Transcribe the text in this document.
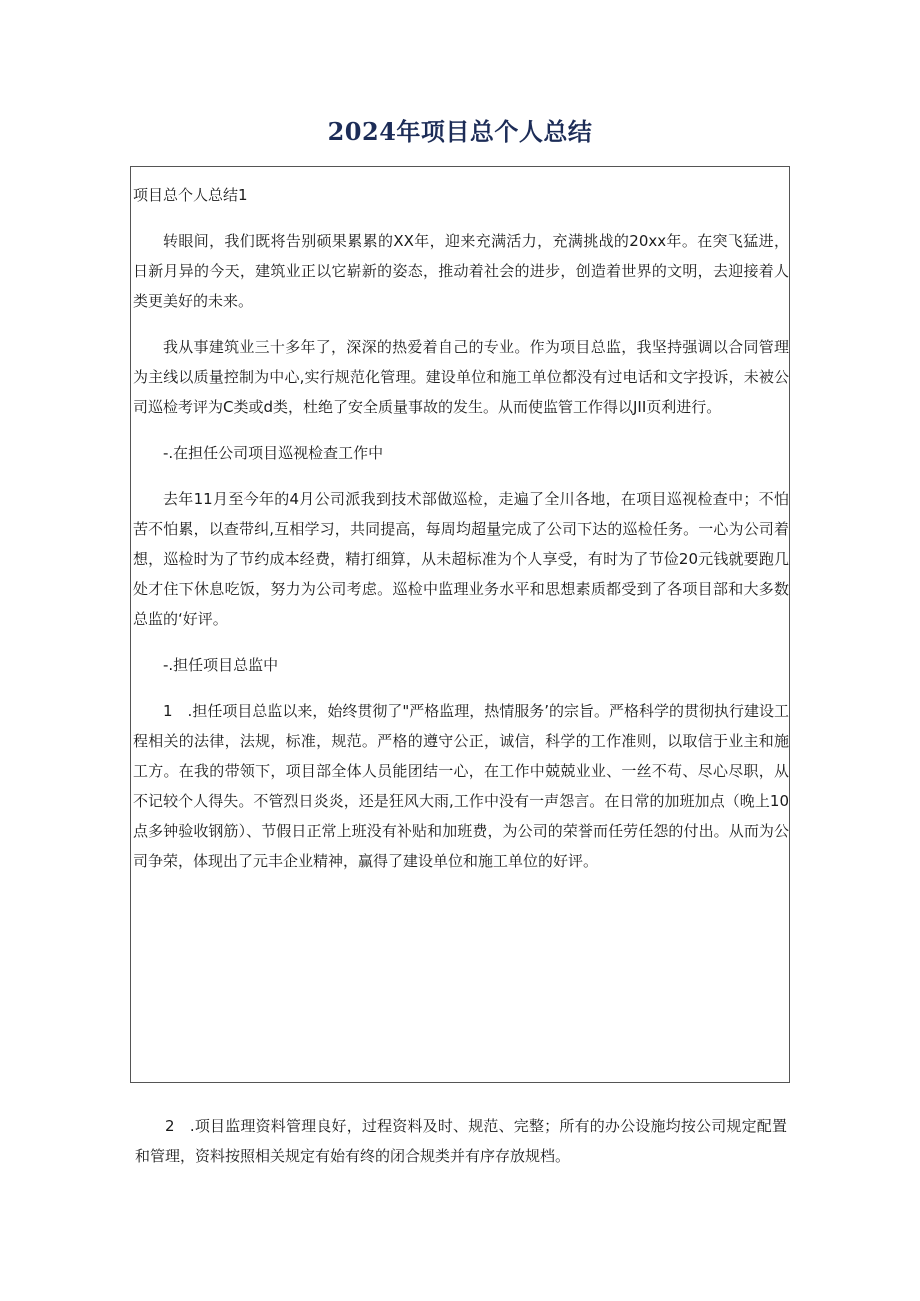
2024年项目总个人总结

项目总个人总结1

转眼间，我们既将告别硕果累累的XX年，迎来充满活力，充满挑战的20xx年。在突飞猛进，日新月异的今天，建筑业正以它崭新的姿态，推动着社会的进步，创造着世界的文明，去迎接着人类更美好的未来。

我从事建筑业三十多年了，深深的热爱着自己的专业。作为项目总监，我坚持强调以合同管理为主线以质量控制为中心,实行规范化管理。建设单位和施工单位都没有过电话和文字投诉，未被公司巡检考评为C类或d类，杜绝了安全质量事故的发生。从而使监管工作得以JII页利进行。

-.在担任公司项目巡视检查工作中

去年11月至今年的4月公司派我到技术部做巡检，走遍了全川各地，在项目巡视检查中；不怕苦不怕累，以查带纠,互相学习，共同提高，每周均超量完成了公司下达的巡检任务。一心为公司着想，巡检时为了节约成本经费，精打细算，从未超标准为个人享受，有时为了节俭20元钱就要跑几处才住下休息吃饭，努力为公司考虑。巡检中监理业务水平和思想素质都受到了各项目部和大多数总监的‘好评。

-.担任项目总监中

1　.担任项目总监以来，始终贯彻了"严格监理，热情服务’的宗旨。严格科学的贯彻执行建设工程相关的法律，法规，标准，规范。严格的遵守公正，诚信，科学的工作准则，以取信于业主和施工方。在我的带领下，项目部全体人员能团结一心，在工作中兢兢业业、一丝不苟、尽心尽职，从不记较个人得失。不管烈日炎炎，还是狂风大雨,工作中没有一声怨言。在日常的加班加点（晚上10点多钟验收钢筋）、节假日正常上班没有补贴和加班费，为公司的荣誉而任劳任怨的付出。从而为公司争荣，体现出了元丰企业精神，赢得了建设单位和施工单位的好评。

2　.项目监理资料管理良好，过程资料及时、规范、完整；所有的办公设施均按公司规定配置和管理，资料按照相关规定有始有终的闭合规类并有序存放规档。
